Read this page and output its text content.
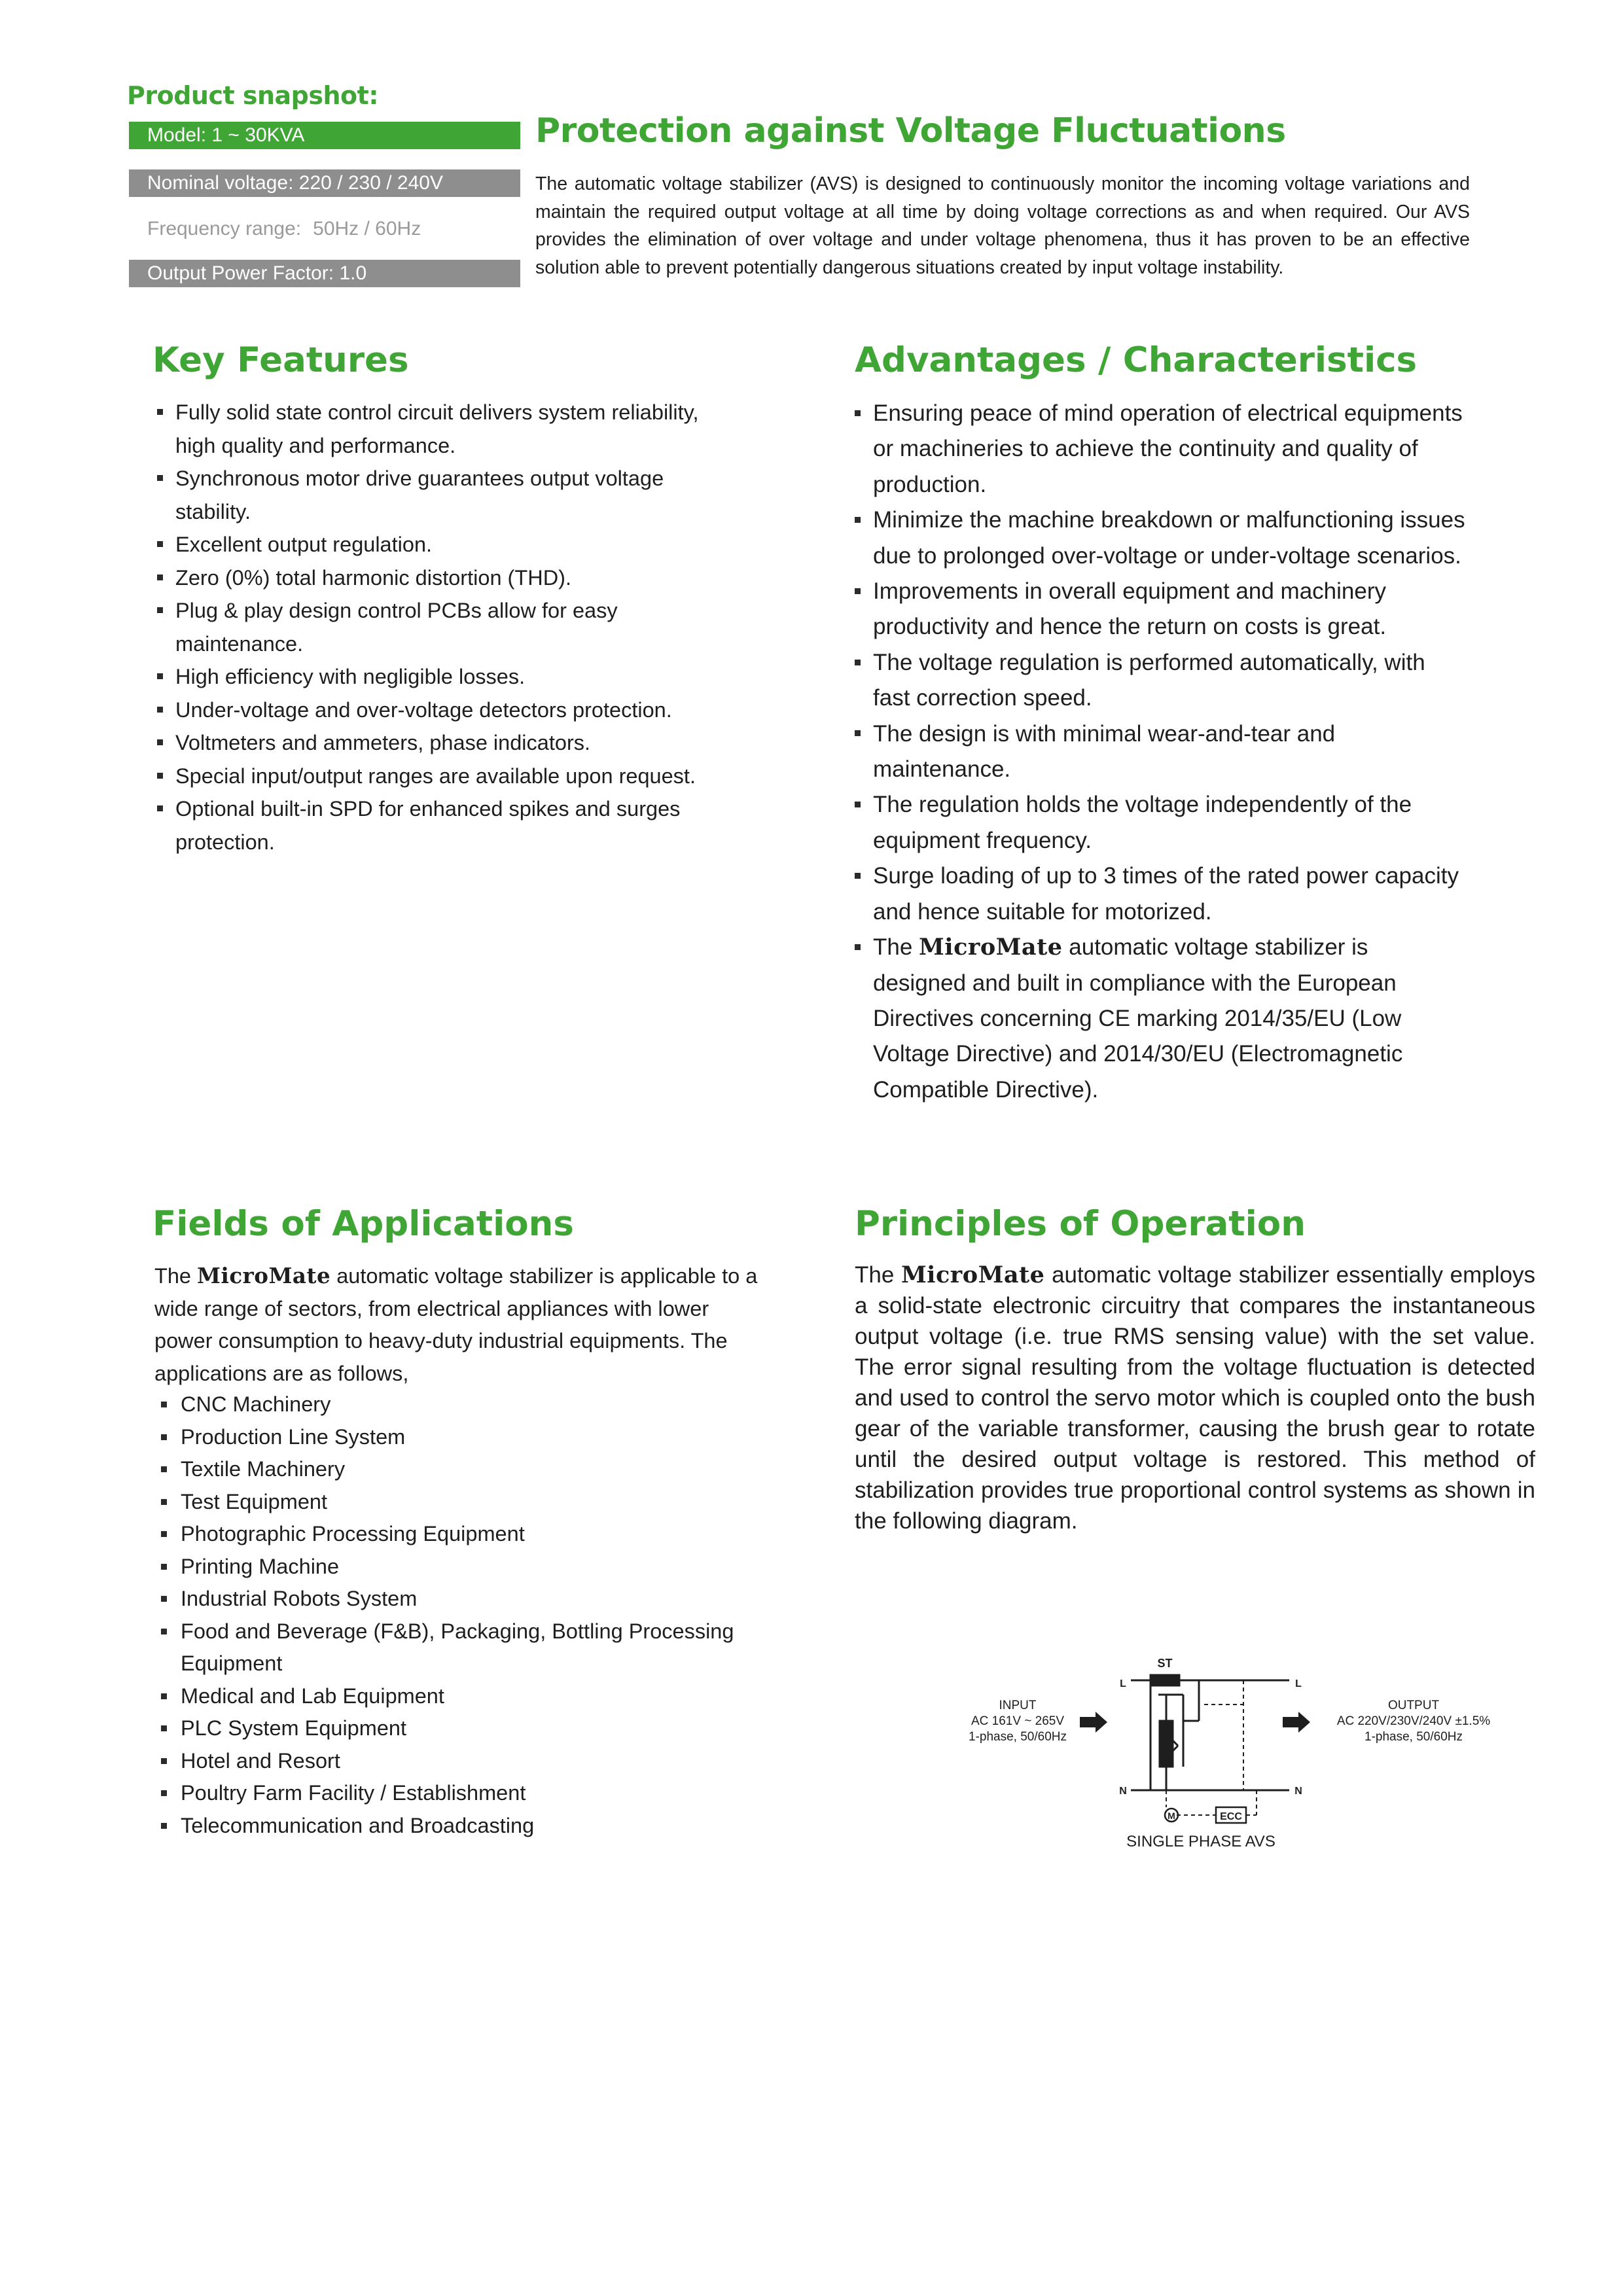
Product snapshot:
Model: 1 ~ 30KVA
Nominal voltage: 220 / 230 / 240V
Frequency range: 50Hz / 60Hz
Output Power Factor: 1.0
Protection against Voltage Fluctuations
The automatic voltage stabilizer (AVS) is designed to continuously monitor the incoming voltage variations and maintain the required output voltage at all time by doing voltage corrections as and when required. Our AVS provides the elimination of over voltage and under voltage phenomena, thus it has proven to be an effective solution able to prevent potentially dangerous situations created by input voltage instability.
Key Features
Fully solid state control circuit delivers system reliability, high quality and performance.
Synchronous motor drive guarantees output voltage stability.
Excellent output regulation.
Zero (0%) total harmonic distortion (THD).
Plug & play design control PCBs allow for easy maintenance.
High efficiency with negligible losses.
Under-voltage and over-voltage detectors protection.
Voltmeters and ammeters, phase indicators.
Special input/output ranges are available upon request.
Optional built-in SPD for enhanced spikes and surges protection.
Advantages / Characteristics
Ensuring peace of mind operation of electrical equipments or machineries to achieve the continuity and quality of production.
Minimize the machine breakdown or malfunctioning issues due to prolonged over-voltage or under-voltage scenarios.
Improvements in overall equipment and machinery productivity and hence the return on costs is great.
The voltage regulation is performed automatically, with fast correction speed.
The design is with minimal wear-and-tear and maintenance.
The regulation holds the voltage independently of the equipment frequency.
Surge loading of up to 3 times of the rated power capacity and hence suitable for motorized.
The MicroMate automatic voltage stabilizer is designed and built in compliance with the European Directives concerning CE marking 2014/35/EU (Low Voltage Directive) and 2014/30/EU (Electromagnetic Compatible Directive).
Fields of Applications
The MicroMate automatic voltage stabilizer is applicable to a wide range of sectors, from electrical appliances with lower power consumption to heavy-duty industrial equipments. The applications are as follows,
CNC Machinery
Production Line System
Textile Machinery
Test Equipment
Photographic Processing Equipment
Printing Machine
Industrial Robots System
Food and Beverage (F&B), Packaging, Bottling Processing Equipment
Medical and Lab Equipment
PLC System Equipment
Hotel and Resort
Poultry Farm Facility / Establishment
Telecommunication and Broadcasting
Principles of Operation
The MicroMate automatic voltage stabilizer essentially employs a solid-state electronic circuitry that compares the instantaneous output voltage (i.e. true RMS sensing value) with the set value. The error signal resulting from the voltage fluctuation is detected and used to control the servo motor which is coupled onto the bush gear of the variable transformer, causing the brush gear to rotate until the desired output voltage is restored. This method of stabilization provides true proportional control systems as shown in the following diagram.
INPUT
AC 161V ~ 265V
1-phase, 50/60Hz
ST
L	L
N	N
M	ECC
OUTPUT
AC 220V/230V/240V ±1.5%
1-phase, 50/60Hz
SINGLE PHASE AVS
